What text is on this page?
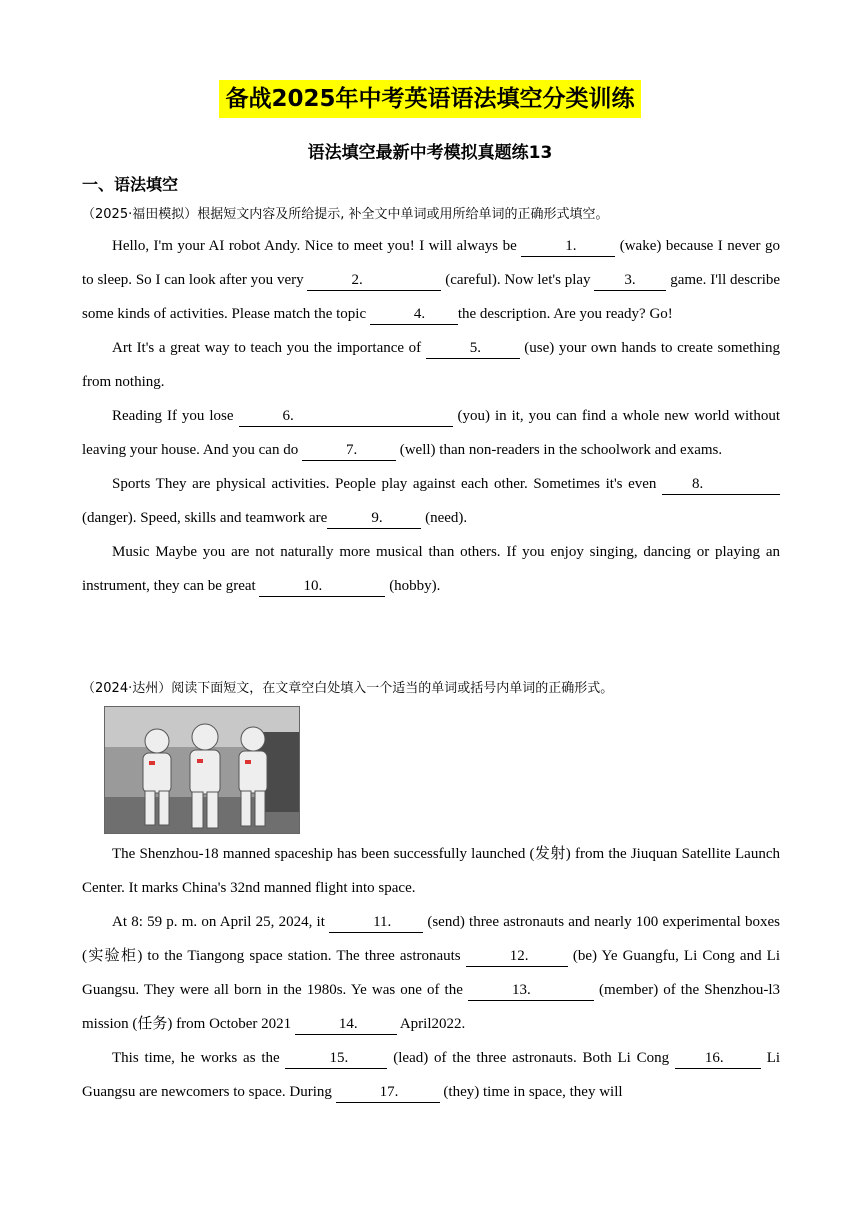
备战2025年中考英语语法填空分类训练
语法填空最新中考模拟真题练13
一、语法填空
（2025·福田模拟）根据短文内容及所给提示, 补全文中单词或用所给单词的正确形式填空。

Hello, I'm your AI robot Andy. Nice to meet you! I will always be	1.	(wake) because I never go to sleep. So I can look after you very	2.	(careful). Now let's play 3. game. I'll describe some kinds of activities. Please match the topic	4. the description. Are you ready? Go!

Art It's a great way to teach you the importance of	5.	(use) your own hands to create something from nothing.

Reading If you lose	6.	(you) in it, you can find a whole new world without leaving your house. And you can do	7.	(well) than non-readers in the schoolwork and exams.

Sports They are physical activities. People play against each other. Sometimes it's even 8. (danger). Speed, skills and teamwork are	9.	(need).

Music Maybe you are not naturally more musical than others. If you enjoy singing, dancing or playing an instrument, they can be great	10.	(hobby).

（2024·达州）阅读下面短文，在文章空白处填入一个适当的单词或括号内单词的正确形式。

The Shenzhou-18 manned spaceship has been successfully launched (发射) from the Jiuquan Satellite Launch Center. It marks China's 32nd manned flight into space.

At 8: 59 p. m. on April 25, 2024, it	11. (send) three astronauts and nearly 100 experimental boxes (实验柜) to the Tiangong space station. The three astronauts	12.	(be) Ye Guangfu, Li Cong and Li Guangsu. They were all born in the 1980s. Ye was one of the	13.	(member) of the Shenzhou-l3 mission (任务) from October 2021	14.	April2022.

This time, he works as the	15.	(lead) of the three astronauts. Both Li Cong 16.	Li Guangsu are newcomers to space. During	17.	(they) time in space, they will
